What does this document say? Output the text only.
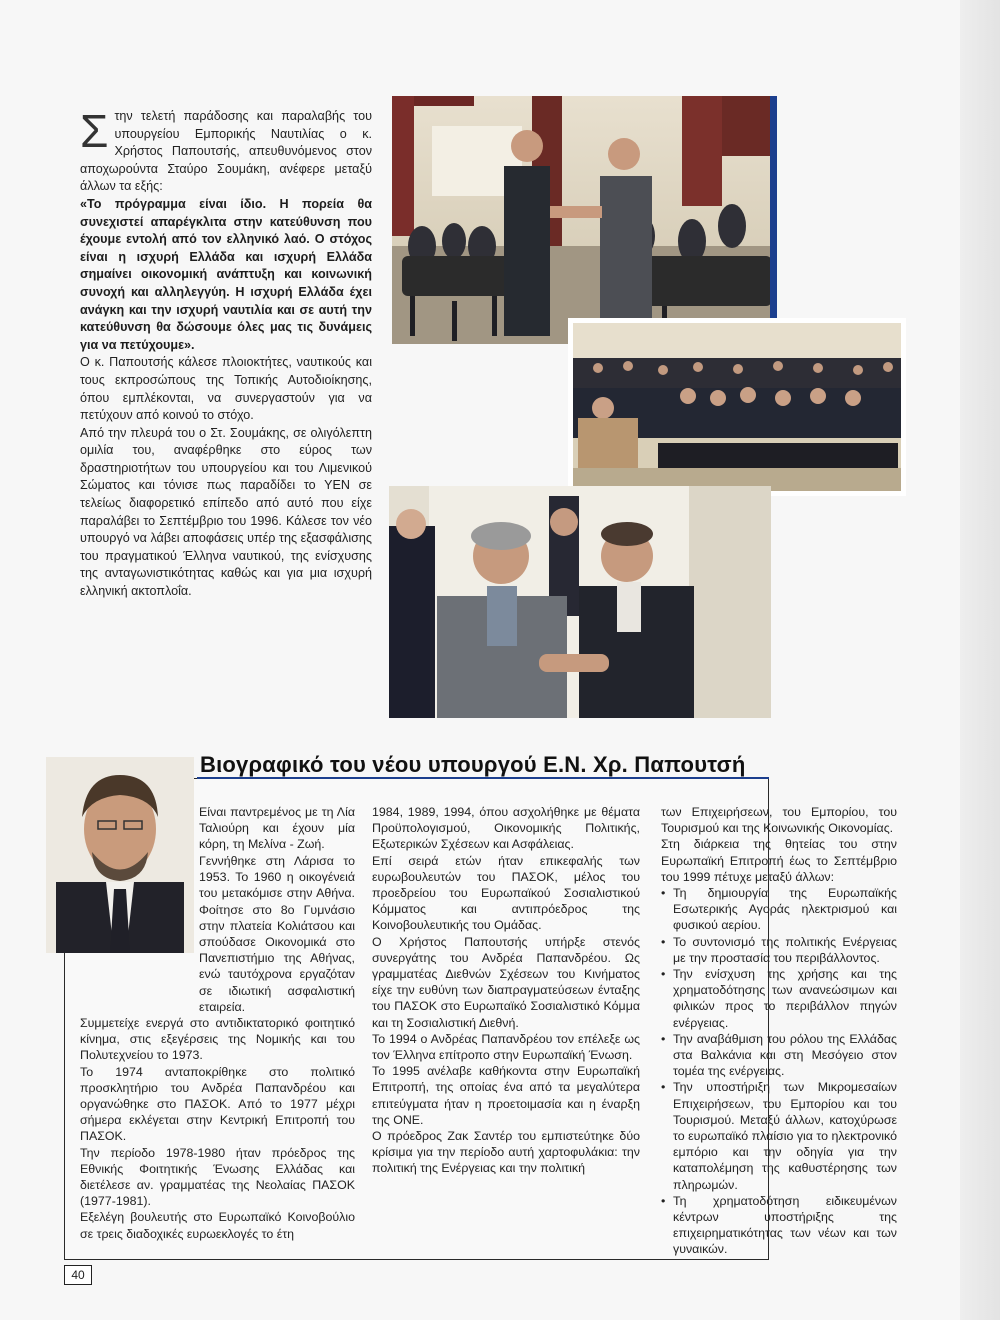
Σ την τελετή παράδοσης και παραλαβής του υπουργείου Εμπορικής Ναυτιλίας ο κ. Χρήστος Παπουτσής, απευθυνόμενος στον αποχωρούντα Σταύρο Σουμάκη, ανέφερε μεταξύ άλλων τα εξής:

«Το πρόγραμμα είναι ίδιο. Η πορεία θα συνεχιστεί απαρέγκλιτα στην κατεύθυνση που έχουμε εντολή από τον ελληνικό λαό. Ο στόχος είναι η ισχυρή Ελλάδα και ισχυρή Ελλάδα σημαίνει οικονομική ανάπτυξη και κοινωνική συνοχή και αλληλεγγύη. Η ισχυρή Ελλάδα έχει ανάγκη και την ισχυρή ναυτιλία και σε αυτή την κατεύθυνση θα δώσουμε όλες μας τις δυνάμεις για να πετύχουμε».

Ο κ. Παπουτσής κάλεσε πλοιοκτήτες, ναυτικούς και τους εκπροσώπους της Τοπικής Αυτοδιοίκησης, όπου εμπλέκονται, να συνεργαστούν για να πετύχουν από κοινού το στόχο.

Από την πλευρά του ο Στ. Σουμάκης, σε ολιγόλεπτη ομιλία του, αναφέρθηκε στο εύρος των δραστηριοτήτων του υπουργείου και του Λιμενικού Σώματος και τόνισε πως παραδίδει το ΥΕΝ σε τελείως διαφορετικό επίπεδο από αυτό που είχε παραλάβει το Σεπτέμβριο του 1996. Κάλεσε τον νέο υπουργό να λάβει αποφάσεις υπέρ της εξασφάλισης του πραγματικού Έλληνα ναυτικού, της ενίσχυσης της ανταγωνιστικότητας καθώς και για μια ισχυρή ελληνική ακτοπλοΐα.

Βιογραφικό του νέου υπουργού Ε.Ν. Χρ. Παπουτσή

Είναι παντρεμένος με τη Λία Ταλιούρη και έχουν μία κόρη, τη Μελίνα - Ζωή.

Γεννήθηκε στη Λάρισα το 1953. Το 1960 η οικογένειά του μετακόμισε στην Αθήνα. Φοίτησε στο 8ο Γυμνάσιο στην πλατεία Κολιάτσου και σπούδασε Οικονομικά στο Πανεπιστήμιο της Αθήνας, ενώ ταυτόχρονα εργαζόταν σε ιδιωτική ασφαλιστική εταιρεία.

Συμμετείχε ενεργά στο αντιδικτατορικό φοιτητικό κίνημα, στις εξεγέρσεις της Νομικής και του Πολυτεχνείου το 1973.

Το 1974 ανταποκρίθηκε στο πολιτικό προσκλητήριο του Ανδρέα Παπανδρέου και οργανώθηκε στο ΠΑΣΟΚ. Από το 1977 μέχρι σήμερα εκλέγεται στην Κεντρική Επιτροπή του ΠΑΣΟΚ.

Την περίοδο 1978-1980 ήταν πρόεδρος της Εθνικής Φοιτητικής Ένωσης Ελλάδας και διετέλεσε αν. γραμματέας της Νεολαίας ΠΑΣΟΚ (1977-1981).

Εξελέγη βουλευτής στο Ευρωπαϊκό Κοινοβούλιο σε τρεις διαδοχικές ευρωεκλογές το έτη

1984, 1989, 1994, όπου ασχολήθηκε με θέματα Προϋπολογισμού, Οικονομικής Πολιτικής, Εξωτερικών Σχέσεων και Ασφάλειας.

Επί σειρά ετών ήταν επικεφαλής των ευρωβουλευτών του ΠΑΣΟΚ, μέλος του προεδρείου του Ευρωπαϊκού Σοσιαλιστικού Κόμματος και αντιπρόεδρος της Κοινοβουλευτικής του Ομάδας.

Ο Χρήστος Παπουτσής υπήρξε στενός συνεργάτης του Ανδρέα Παπανδρέου. Ως γραμματέας Διεθνών Σχέσεων του Κινήματος είχε την ευθύνη των διαπραγματεύσεων ένταξης του ΠΑΣΟΚ στο Ευρωπαϊκό Σοσιαλιστικό Κόμμα και τη Σοσιαλιστική Διεθνή.

Το 1994 ο Ανδρέας Παπανδρέου τον επέλεξε ως τον Έλληνα επίτροπο στην Ευρωπαϊκή Ένωση.

Το 1995 ανέλαβε καθήκοντα στην Ευρωπαϊκή Επιτροπή, της οποίας ένα από τα μεγαλύτερα επιτεύγματα ήταν η προετοιμασία και η έναρξη της ΟΝΕ.

Ο πρόεδρος Ζακ Σαντέρ του εμπιστεύτηκε δύο κρίσιμα για την περίοδο αυτή χαρτοφυλάκια: την πολιτική της Ενέργειας και την πολιτική

των Επιχειρήσεων, του Εμπορίου, του Τουρισμού και της Κοινωνικής Οικονομίας.

Στη διάρκεια της θητείας του στην Ευρωπαϊκή Επιτροπή έως το Σεπτέμβριο του 1999 πέτυχε μεταξύ άλλων:

• Τη δημιουργία της Ευρωπαϊκής Εσωτερικής Αγοράς ηλεκτρισμού και φυσικού αερίου.
• Το συντονισμό της πολιτικής Ενέργειας με την προστασία του περιβάλλοντος.
• Την ενίσχυση της χρήσης και της χρηματοδότησης των ανανεώσιμων και φιλικών προς το περιβάλλον πηγών ενέργειας.
• Την αναβάθμιση του ρόλου της Ελλάδας στα Βαλκάνια και στη Μεσόγειο στον τομέα της ενέργειας.
• Την υποστήριξη των Μικρομεσαίων Επιχειρήσεων, του Εμπορίου και του Τουρισμού. Μεταξύ άλλων, κατοχύρωσε το ευρωπαϊκό πλαίσιο για το ηλεκτρονικό εμπόριο και την οδηγία για την καταπολέμηση της καθυστέρησης των πληρωμών.
• Τη χρηματοδότηση ειδικευμένων κέντρων υποστήριξης της επιχειρηματικότητας των νέων και των γυναικών.
40
